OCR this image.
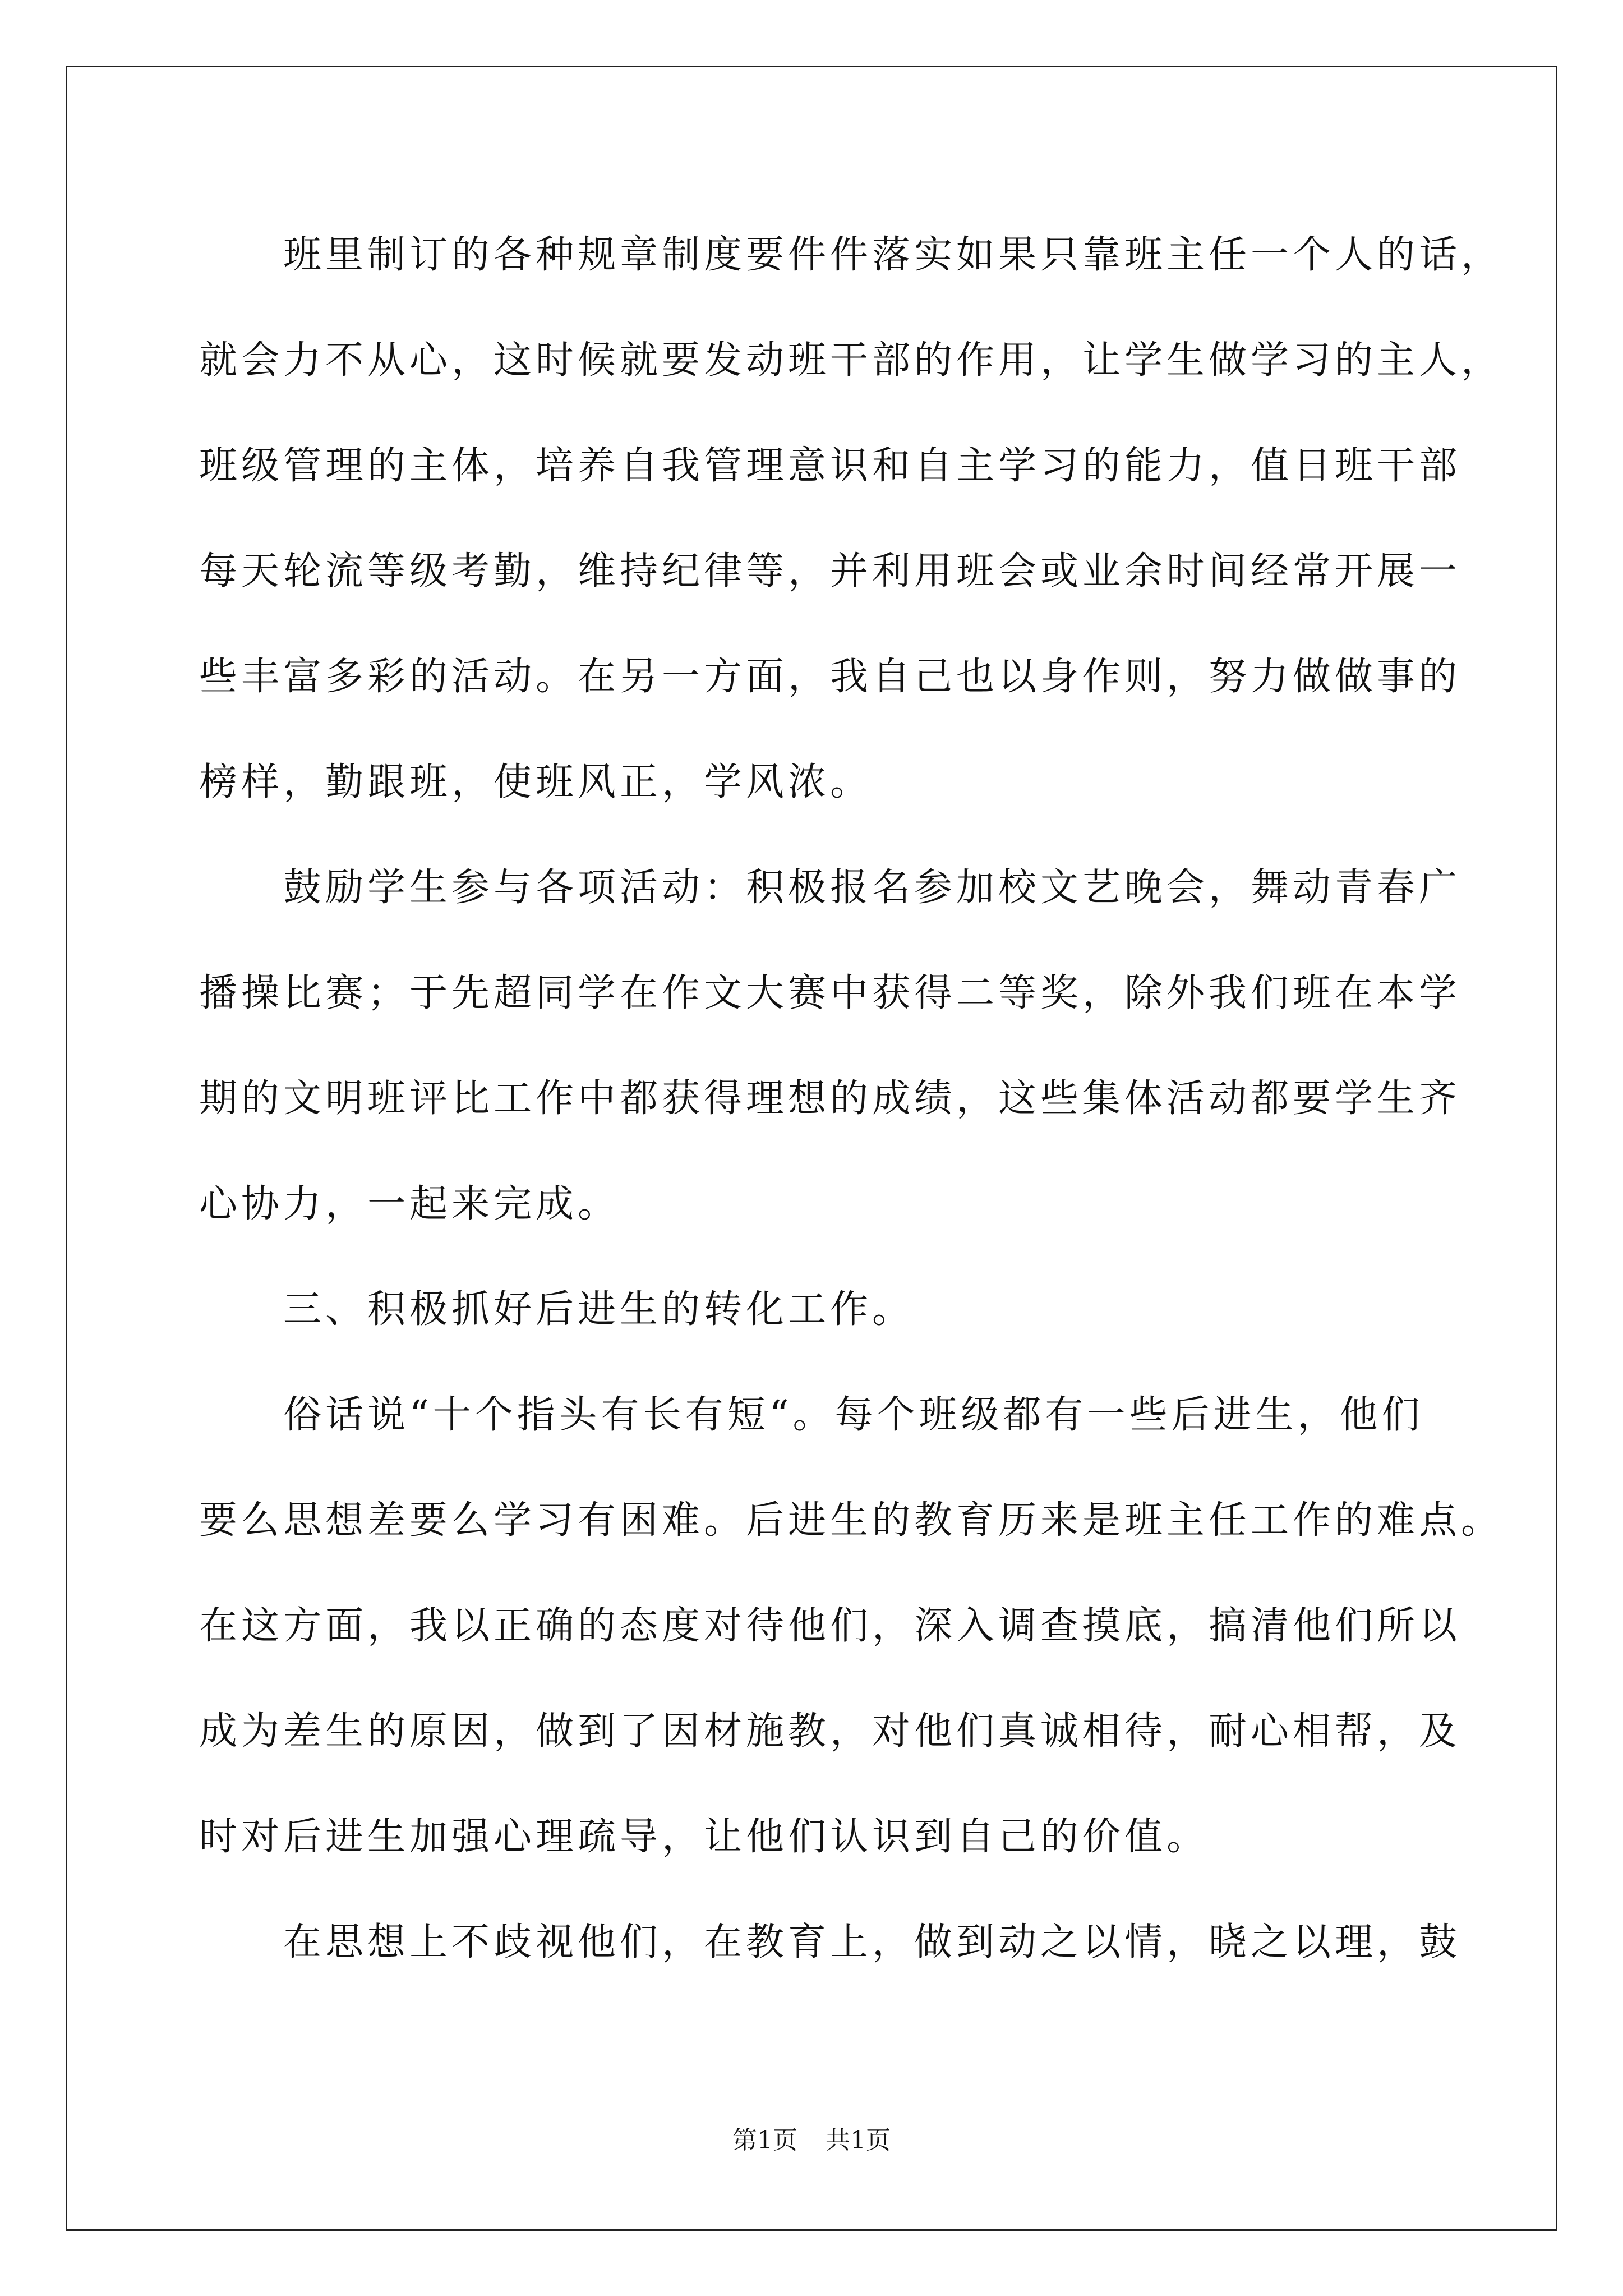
　　班里制订的各种规章制度要件件落实如果只靠班主任一个人的话，
就会力不从心，这时候就要发动班干部的作用，让学生做学习的主人，
班级管理的主体，培养自我管理意识和自主学习的能力，值日班干部
每天轮流等级考勤，维持纪律等，并利用班会或业余时间经常开展一
些丰富多彩的活动。在另一方面，我自己也以身作则，努力做做事的
榜样，勤跟班，使班风正，学风浓。
　　鼓励学生参与各项活动：积极报名参加校文艺晚会，舞动青春广
播操比赛；于先超同学在作文大赛中获得二等奖，除外我们班在本学
期的文明班评比工作中都获得理想的成绩，这些集体活动都要学生齐
心协力，一起来完成。
　　三、积极抓好后进生的转化工作。
　　俗话说“十个指头有长有短“。每个班级都有一些后进生，他们
要么思想差要么学习有困难。后进生的教育历来是班主任工作的难点。
在这方面，我以正确的态度对待他们，深入调查摸底，搞清他们所以
成为差生的原因，做到了因材施教，对他们真诚相待，耐心相帮，及
时对后进生加强心理疏导，让他们认识到自己的价值。
　　在思想上不歧视他们，在教育上，做到动之以情，晓之以理，鼓
第1页 共1页
